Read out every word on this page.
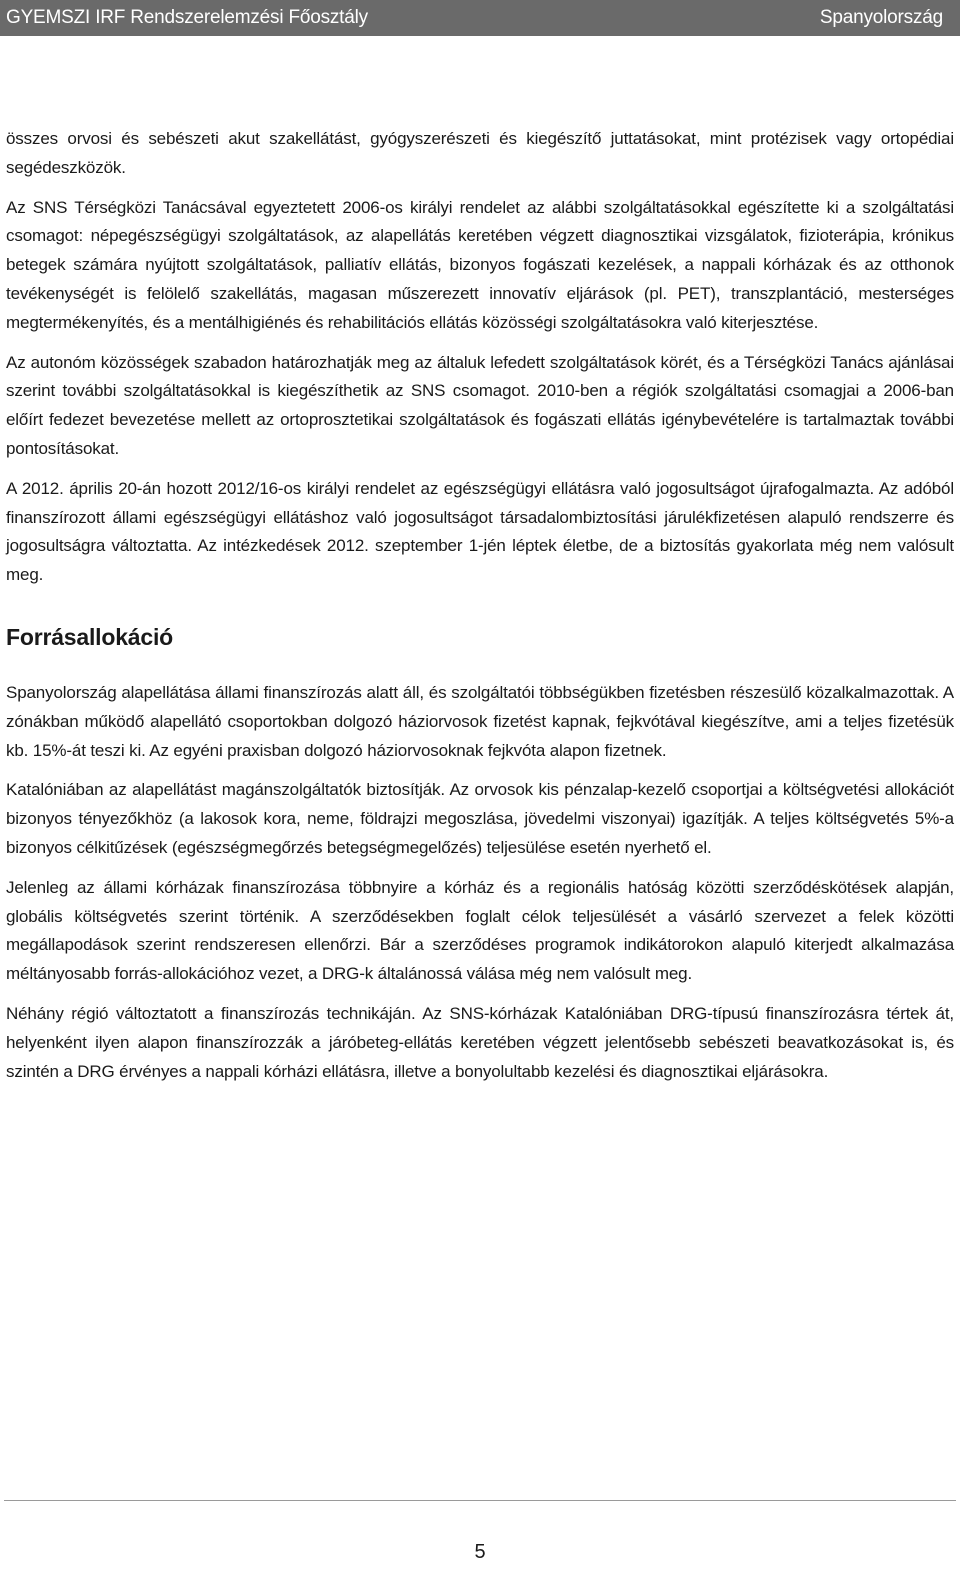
GYEMSZI IRF Rendszerelemzési Főosztály	Spanyolország

összes orvosi és sebészeti akut szakellátást, gyógyszerészeti és kiegészítő juttatásokat, mint protézisek vagy ortopédiai segédeszközök.

Az SNS Térségközi Tanácsával egyeztetett 2006-os királyi rendelet az alábbi szolgáltatásokkal egészítette ki a szolgáltatási csomagot: népegészségügyi szolgáltatások, az alapellátás keretében végzett diagnosztikai vizsgálatok, fizioterápia, krónikus betegek számára nyújtott szolgáltatások, palliatív ellátás, bizonyos fogászati kezelések, a nappali kórházak és az otthonok tevékenységét is felölelő szakellátás, magasan műszerezett innovatív eljárások (pl. PET), transzplantáció, mesterséges megtermékenyítés, és a mentálhigiénés és rehabilitációs ellátás közösségi szolgáltatásokra való kiterjesztése.

Az autonóm közösségek szabadon határozhatják meg az általuk lefedett szolgáltatások körét, és a Térségközi Tanács ajánlásai szerint további szolgáltatásokkal is kiegészíthetik az SNS csomagot. 2010-ben a régiók szolgáltatási csomagjai a 2006-ban előírt fedezet bevezetése mellett az ortoprosztetikai szolgáltatások és fogászati ellátás igénybevételére is tartalmaztak további pontosításokat.

A 2012. április 20-án hozott 2012/16-os királyi rendelet az egészségügyi ellátásra való jogosultságot újrafogalmazta. Az adóból finanszírozott állami egészségügyi ellátáshoz való jogosultságot társadalombiztosítási járulékfizetésen alapuló rendszerre és jogosultságra változtatta. Az intézkedések 2012. szeptember 1-jén léptek életbe, de a biztosítás gyakorlata még nem valósult meg.

Forrásallokáció

Spanyolország alapellátása állami finanszírozás alatt áll, és szolgáltatói többségükben fizetésben részesülő közalkalmazottak. A zónákban működő alapellátó csoportokban dolgozó háziorvosok fizetést kapnak, fejkvótával kiegészítve, ami a teljes fizetésük kb. 15%-át teszi ki. Az egyéni praxisban dolgozó háziorvosoknak fejkvóta alapon fizetnek.

Katalóniában az alapellátást magánszolgáltatók biztosítják. Az orvosok kis pénzalap-kezelő csoportjai a költségvetési allokációt bizonyos tényezőkhöz (a lakosok kora, neme, földrajzi megoszlása, jövedelmi viszonyai) igazítják. A teljes költségvetés 5%-a bizonyos célkitűzések (egészségmegőrzés betegségmegelőzés) teljesülése esetén nyerhető el.

Jelenleg az állami kórházak finanszírozása többnyire a kórház és a regionális hatóság közötti szerződéskötések alapján, globális költségvetés szerint történik. A szerződésekben foglalt célok teljesülését a vásárló szervezet a felek közötti megállapodások szerint rendszeresen ellenőrzi. Bár a szerződéses programok indikátorokon alapuló kiterjedt alkalmazása méltányosabb forrás-allokációhoz vezet, a DRG-k általánossá válása még nem valósult meg.

Néhány régió változtatott a finanszírozás technikáján. Az SNS-kórházak Katalóniában DRG-típusú finanszírozásra tértek át, helyenként ilyen alapon finanszírozzák a járóbeteg-ellátás keretében végzett jelentősebb sebészeti beavatkozásokat is, és szintén a DRG érvényes a nappali kórházi ellátásra, illetve a bonyolultabb kezelési és diagnosztikai eljárásokra.

5
